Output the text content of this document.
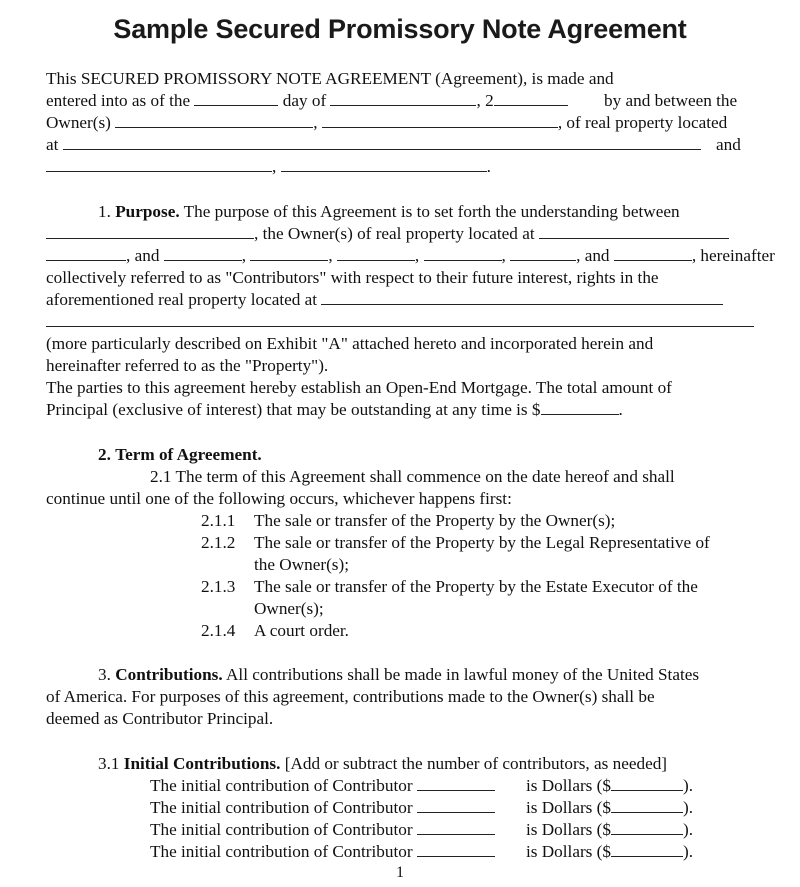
Sample Secured Promissory Note Agreement
This SECURED PROMISSORY NOTE AGREEMENT (Agreement), is made and
entered into as of the	day of	, 2	by and between the
Owner(s)	,	, of real property located
at	and
,	.
1. Purpose. The purpose of this Agreement is to set forth the understanding between
, the Owner(s) of real property located at
, and	,	,	,	,	, and	, hereinafter
collectively referred to as "Contributors" with respect to their future interest, rights in the
aforementioned real property located at
(more particularly described on Exhibit "A" attached hereto and incorporated herein and
hereinafter referred to as the "Property").
The parties to this agreement hereby establish an Open-End Mortgage. The total amount of
Principal (exclusive of interest) that may be outstanding at any time is $	.
2. Term of Agreement.
2.1 The term of this Agreement shall commence on the date hereof and shall
continue until one of the following occurs, whichever happens first:
2.1.1 The sale or transfer of the Property by the Owner(s);
2.1.2 The sale or transfer of the Property by the Legal Representative of
the Owner(s);
2.1.3 The sale or transfer of the Property by the Estate Executor of the
Owner(s);
2.1.4 A court order.
3. Contributions. All contributions shall be made in lawful money of the United States
of America. For purposes of this agreement, contributions made to the Owner(s) shall be
deemed as Contributor Principal.
3.1 Initial Contributions. [Add or subtract the number of contributors, as needed]
The initial contribution of Contributor	is Dollars ($	).
The initial contribution of Contributor	is Dollars ($	).
The initial contribution of Contributor	is Dollars ($	).
The initial contribution of Contributor	is Dollars ($	).
1
